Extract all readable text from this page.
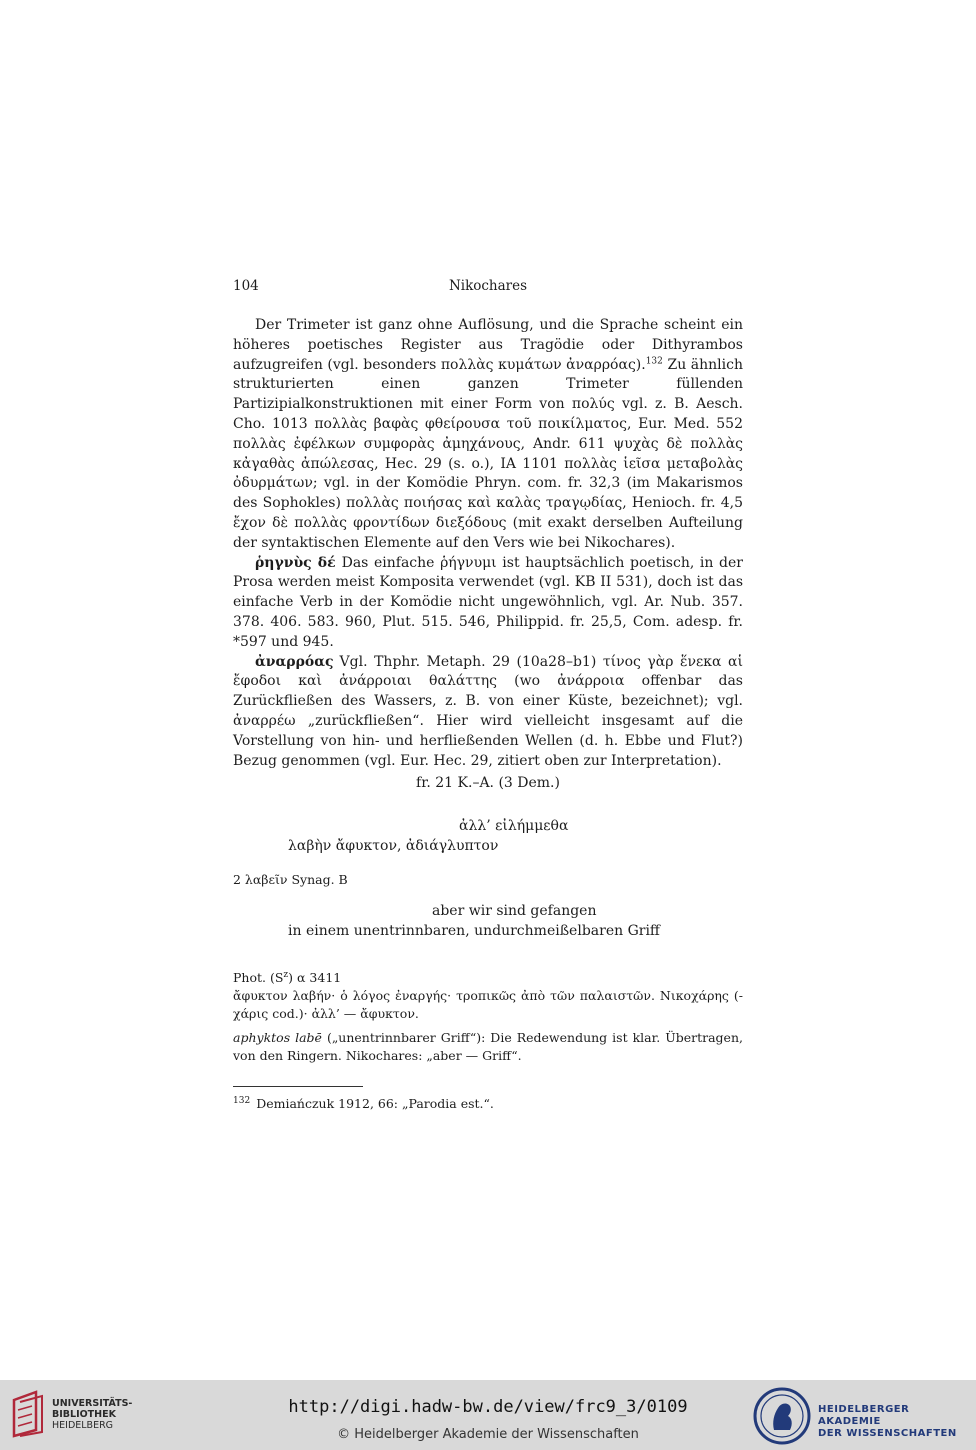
104	Nikochares

Der Trimeter ist ganz ohne Auflösung, und die Sprache scheint ein höheres poetisches Register aus Tragödie oder Dithyrambos aufzugreifen (vgl. besonders πολλὰς κυμάτων ἀναρρόας).$^{132}$ Zu ähnlich strukturierten einen ganzen Trimeter füllenden Partizipialkonstruktionen mit einer Form von πολύς vgl. z. B. Aesch. Cho. 1013 πολλὰς βαφὰς φθείρουσα τοῦ ποικίλματος, Eur. Med. 552 πολλὰς ἐφέλκων συμφορὰς ἀμηχάνους, Andr. 611 ψυχὰς δὲ πολλὰς κἀγαθὰς ἀπώλεσας, Hec. 29 (s. o.), IA 1101 πολλὰς ἱεῖσα μεταβολὰς ὀδυρμάτων; vgl. in der Komödie Phryn. com. fr. 32,3 (im Makarismos des Sophokles) πολλὰς ποιήσας καὶ καλὰς τραγῳδίας, Henioch. fr. 4,5 ἔχον δὲ πολλὰς φροντίδων διεξόδους (mit exakt derselben Aufteilung der syntaktischen Elemente auf den Vers wie bei Nikochares).

ῥηγνὺς δέ Das einfache ῥήγνυμι ist hauptsächlich poetisch, in der Prosa werden meist Komposita verwendet (vgl. KB II 531), doch ist das einfache Verb in der Komödie nicht ungewöhnlich, vgl. Ar. Nub. 357. 378. 406. 583. 960, Plut. 515. 546, Philippid. fr. 25,5, Com. adesp. fr. *597 und 945.

ἀναρρόας Vgl. Thphr. Metaph. 29 (10a28–b1) τίνος γὰρ ἕνεκα αἱ ἔφοδοι καὶ ἀνάρροιαι θαλάττης (wo ἀνάρροια offenbar das Zurückfließen des Wassers, z. B. von einer Küste, bezeichnet); vgl. ἀναρρέω „zurückfließen“. Hier wird vielleicht insgesamt auf die Vorstellung von hin- und herfließenden Wellen (d. h. Ebbe und Flut?) Bezug genommen (vgl. Eur. Hec. 29, zitiert oben zur Interpretation).

fr. 21 K.–A. (3 Dem.)
ἀλλ’ εἰλήμμεθα
λαβὴν ἄφυκτον, ἀδιάγλυπτον
2 λαβεῖν Synag. B
aber wir sind gefangen
in einem unentrinnbaren, undurchmeißelbaren Griff
Phot. $(S^z)$ α 3411
ἄφυκτον λαβήν· ὁ λόγος ἐναργής· τροπικῶς ἀπὸ τῶν παλαιστῶν. Νικοχάρης (-χάρις cod.)· ἀλλ’ — ἄφυκτον.
aphyktos labē („unentrinnbarer Griff“): Die Redewendung ist klar. Übertragen, von den Ringern. Nikochares: „aber — Griff“.
$^{132}$ Demiańczuk 1912, 66: „Parodia est.“.
UNIVERSITÄTS-
BIBLIOTHEK
HEIDELBERG
http://digi.hadw-bw.de/view/frc9_3/0109
© Heidelberger Akademie der Wissenschaften
HEIDELBERGER AKADEMIE
DER WISSENSCHAFTEN
